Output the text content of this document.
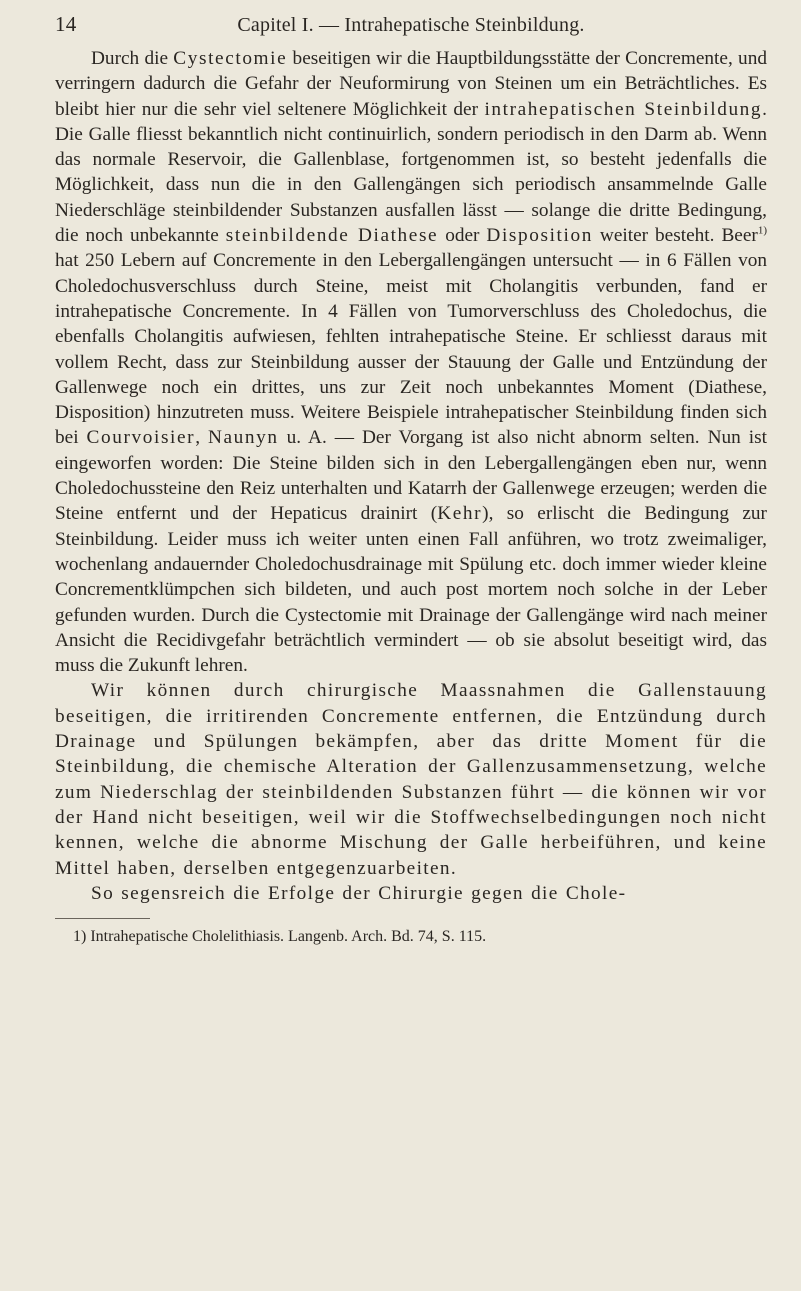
14	Capitel I. — Intrahepatische Steinbildung.

Durch die Cystectomie beseitigen wir die Hauptbildungsstätte der Concremente, und verringern dadurch die Gefahr der Neuformirung von Steinen um ein Beträchtliches. Es bleibt hier nur die sehr viel seltenere Möglichkeit der intrahepatischen Steinbildung. Die Galle fliesst bekanntlich nicht continuirlich, sondern periodisch in den Darm ab. Wenn das normale Reservoir, die Gallenblase, fortgenommen ist, so besteht jedenfalls die Möglichkeit, dass nun die in den Gallengängen sich periodisch ansammelnde Galle Niederschläge steinbildender Substanzen ausfallen lässt — solange die dritte Bedingung, die noch unbekannte steinbildende Diathese oder Disposition weiter besteht. Beer$^{1)}$ hat 250 Lebern auf Concremente in den Lebergallengängen untersucht — in 6 Fällen von Choledochusverschluss durch Steine, meist mit Cholangitis verbunden, fand er intrahepatische Concremente. In 4 Fällen von Tumorverschluss des Choledochus, die ebenfalls Cholangitis aufwiesen, fehlten intrahepatische Steine. Er schliesst daraus mit vollem Recht, dass zur Steinbildung ausser der Stauung der Galle und Entzündung der Gallenwege noch ein drittes, uns zur Zeit noch unbekanntes Moment (Diathese, Disposition) hinzutreten muss. Weitere Beispiele intrahepatischer Steinbildung finden sich bei Courvoisier, Naunyn u. A. — Der Vorgang ist also nicht abnorm selten. Nun ist eingeworfen worden: Die Steine bilden sich in den Lebergallengängen eben nur, wenn Choledochussteine den Reiz unterhalten und Katarrh der Gallenwege erzeugen; werden die Steine entfernt und der Hepaticus drainirt (Kehr), so erlischt die Bedingung zur Steinbildung. Leider muss ich weiter unten einen Fall anführen, wo trotz zweimaliger, wochenlang andauernder Choledochusdrainage mit Spülung etc. doch immer wieder kleine Concrementklümpchen sich bildeten, und auch post mortem noch solche in der Leber gefunden wurden. Durch die Cystectomie mit Drainage der Gallengänge wird nach meiner Ansicht die Recidivgefahr beträchtlich vermindert — ob sie absolut beseitigt wird, das muss die Zukunft lehren.

Wir können durch chirurgische Maassnahmen die Gallenstauung beseitigen, die irritirenden Concremente entfernen, die Entzündung durch Drainage und Spülungen bekämpfen, aber das dritte Moment für die Steinbildung, die chemische Alteration der Gallenzusammensetzung, welche zum Niederschlag der steinbildenden Substanzen führt — die können wir vor der Hand nicht beseitigen, weil wir die Stoffwechselbedingungen noch nicht kennen, welche die abnorme Mischung der Galle herbeiführen, und keine Mittel haben, derselben entgegenzuarbeiten.

So segensreich die Erfolge der Chirurgie gegen die Chole-

1) Intrahepatische Cholelithiasis. Langenb. Arch. Bd. 74, S. 115.
